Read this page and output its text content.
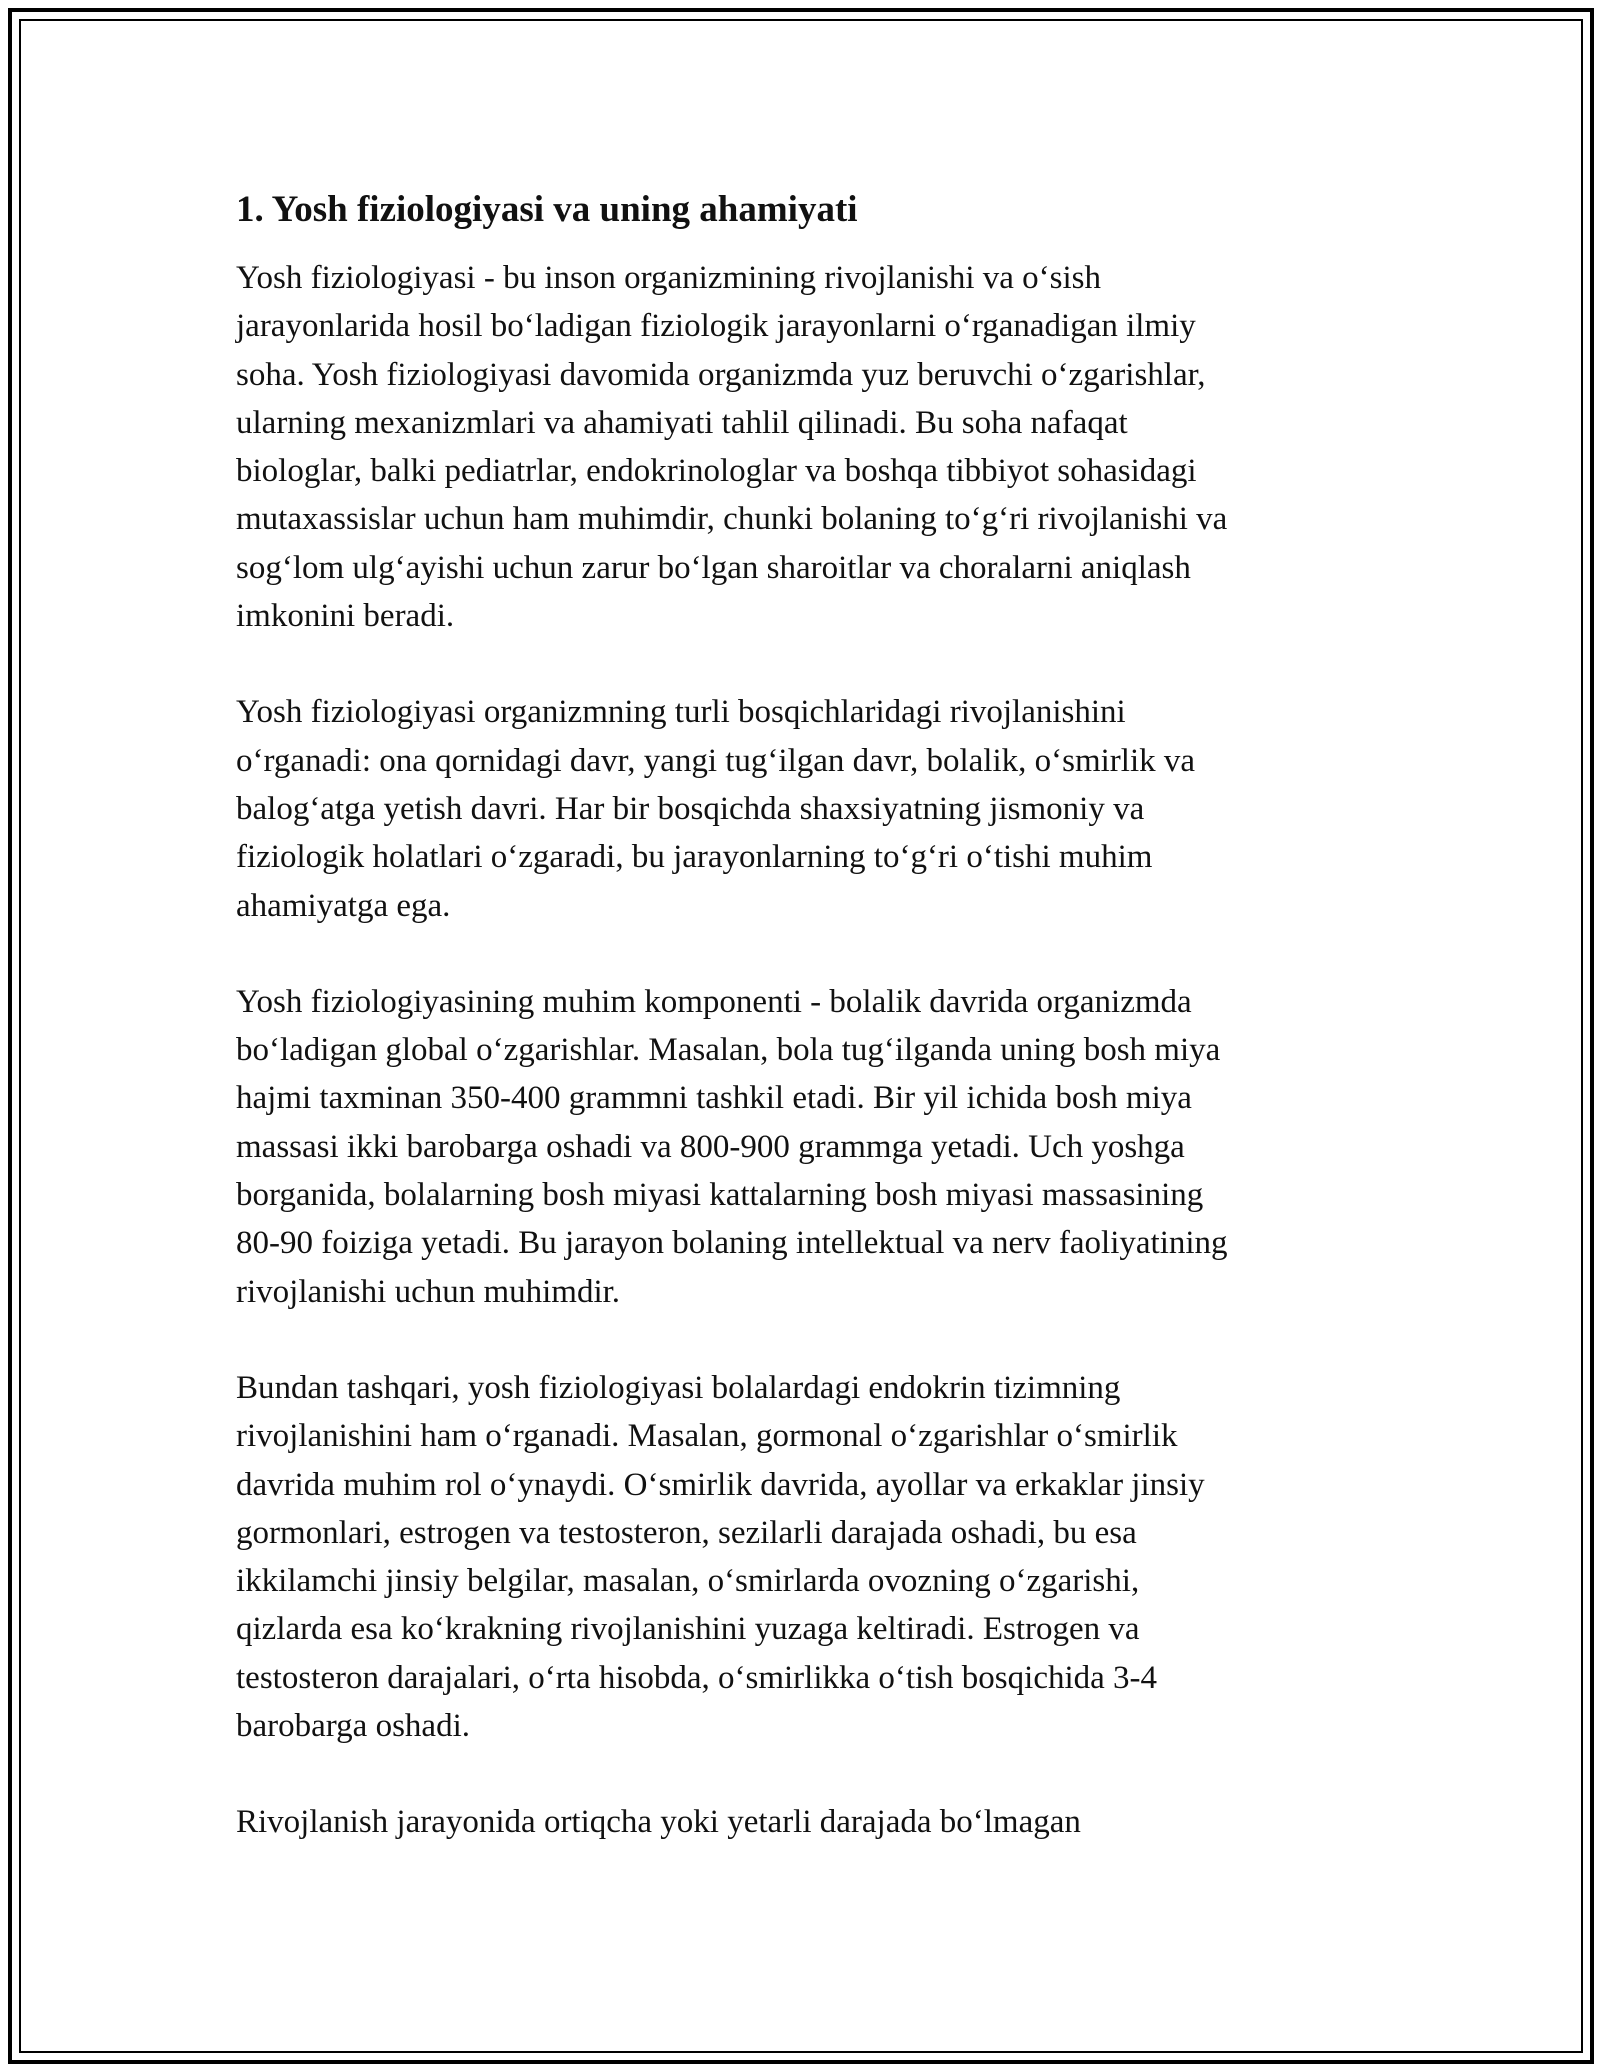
1. Yosh fiziologiyasi va uning ahamiyati

Yosh fiziologiyasi - bu inson organizmining rivojlanishi va o‘sish
jarayonlarida hosil bo‘ladigan fiziologik jarayonlarni o‘rganadigan ilmiy
soha. Yosh fiziologiyasi davomida organizmda yuz beruvchi o‘zgarishlar,
ularning mexanizmlari va ahamiyati tahlil qilinadi. Bu soha nafaqat
biologlar, balki pediatrlar, endokrinologlar va boshqa tibbiyot sohasidagi
mutaxassislar uchun ham muhimdir, chunki bolaning to‘g‘ri rivojlanishi va
sog‘lom ulg‘ayishi uchun zarur bo‘lgan sharoitlar va choralarni aniqlash
imkonini beradi.

Yosh fiziologiyasi organizmning turli bosqichlaridagi rivojlanishini
o‘rganadi: ona qornidagi davr, yangi tug‘ilgan davr, bolalik, o‘smirlik va
balog‘atga yetish davri. Har bir bosqichda shaxsiyatning jismoniy va
fiziologik holatlari o‘zgaradi, bu jarayonlarning to‘g‘ri o‘tishi muhim
ahamiyatga ega.

Yosh fiziologiyasining muhim komponenti - bolalik davrida organizmda
bo‘ladigan global o‘zgarishlar. Masalan, bola tug‘ilganda uning bosh miya
hajmi taxminan 350-400 grammni tashkil etadi. Bir yil ichida bosh miya
massasi ikki barobarga oshadi va 800-900 grammga yetadi. Uch yoshga
borganida, bolalarning bosh miyasi kattalarning bosh miyasi massasining
80-90 foiziga yetadi. Bu jarayon bolaning intellektual va nerv faoliyatining
rivojlanishi uchun muhimdir.

Bundan tashqari, yosh fiziologiyasi bolalardagi endokrin tizimning
rivojlanishini ham o‘rganadi. Masalan, gormonal o‘zgarishlar o‘smirlik
davrida muhim rol o‘ynaydi. O‘smirlik davrida, ayollar va erkaklar jinsiy
gormonlari, estrogen va testosteron, sezilarli darajada oshadi, bu esa
ikkilamchi jinsiy belgilar, masalan, o‘smirlarda ovozning o‘zgarishi,
qizlarda esa ko‘krakning rivojlanishini yuzaga keltiradi. Estrogen va
testosteron darajalari, o‘rta hisobda, o‘smirlikka o‘tish bosqichida 3-4
barobarga oshadi.

Rivojlanish jarayonida ortiqcha yoki yetarli darajada bo‘lmagan
